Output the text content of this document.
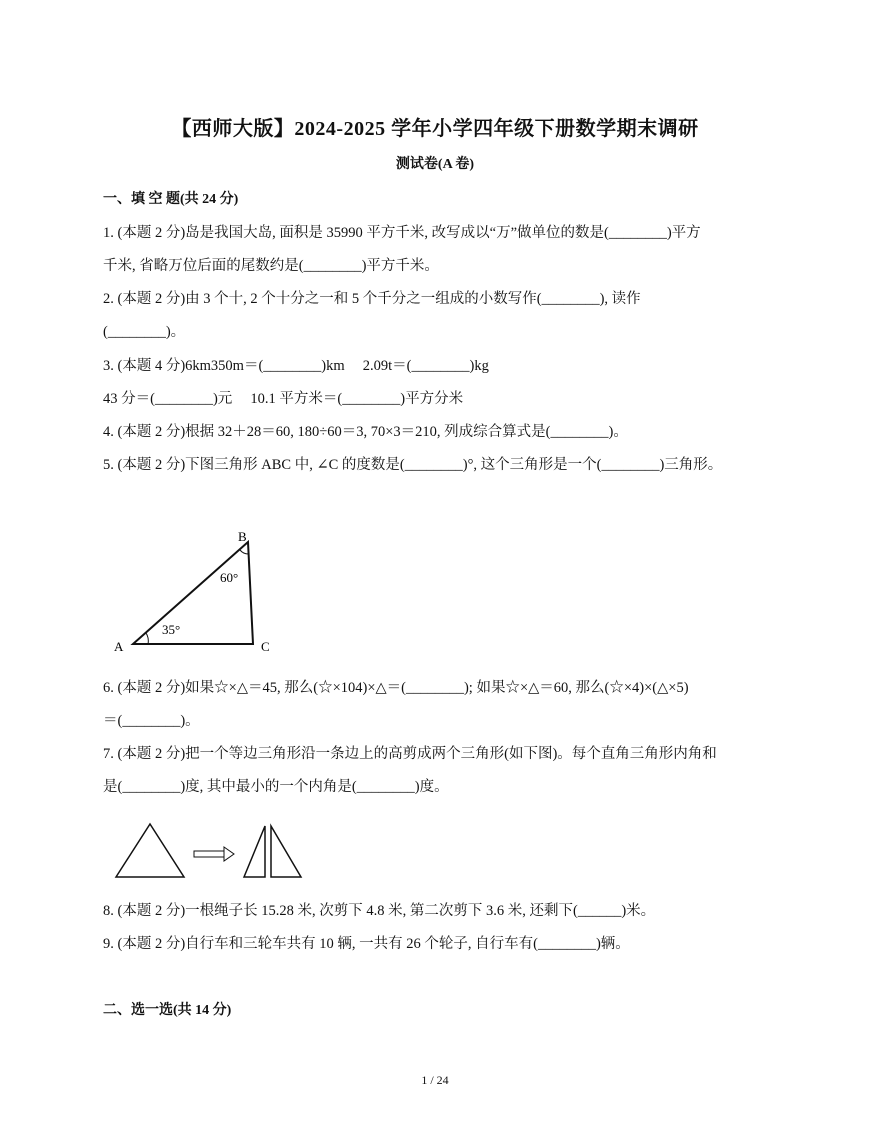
【西师大版】2024-2025 学年小学四年级下册数学期末调研
测试卷(A 卷)
一、填 空 题(共 24 分)
1. (本题 2 分)岛是我国大岛, 面积是 35990 平方千米, 改写成以“万”做单位的数是(________)平方
千米, 省略万位后面的尾数约是(________)平方千米。
2. (本题 2 分)由 3 个十, 2 个十分之一和 5 个千分之一组成的小数写作(________), 读作
(________)。
3. (本题 4 分)6km350m＝(________)km　 2.09t＝(________)kg
43 分＝(________)元　 10.1 平方米＝(________)平方分米
4. (本题 2 分)根据 32＋28＝60, 180÷60＝3, 70×3＝210, 列成综合算式是(________)。
5. (本题 2 分)下图三角形 ABC 中, ∠C 的度数是(________)°, 这个三角形是一个(________)三角形。
A
B
C
35°
60°
6. (本题 2 分)如果☆×△＝45, 那么(☆×104)×△＝(________); 如果☆×△＝60, 那么(☆×4)×(△×5)
＝(________)。
7. (本题 2 分)把一个等边三角形沿一条边上的高剪成两个三角形(如下图)。每个直角三角形内角和
是(________)度, 其中最小的一个内角是(________)度。
8. (本题 2 分)一根绳子长 15.28 米, 次剪下 4.8 米, 第二次剪下 3.6 米, 还剩下(______)米。
9. (本题 2 分)自行车和三轮车共有 10 辆, 一共有 26 个轮子, 自行车有(________)辆。
二、选一选(共 14 分)
1 / 24
